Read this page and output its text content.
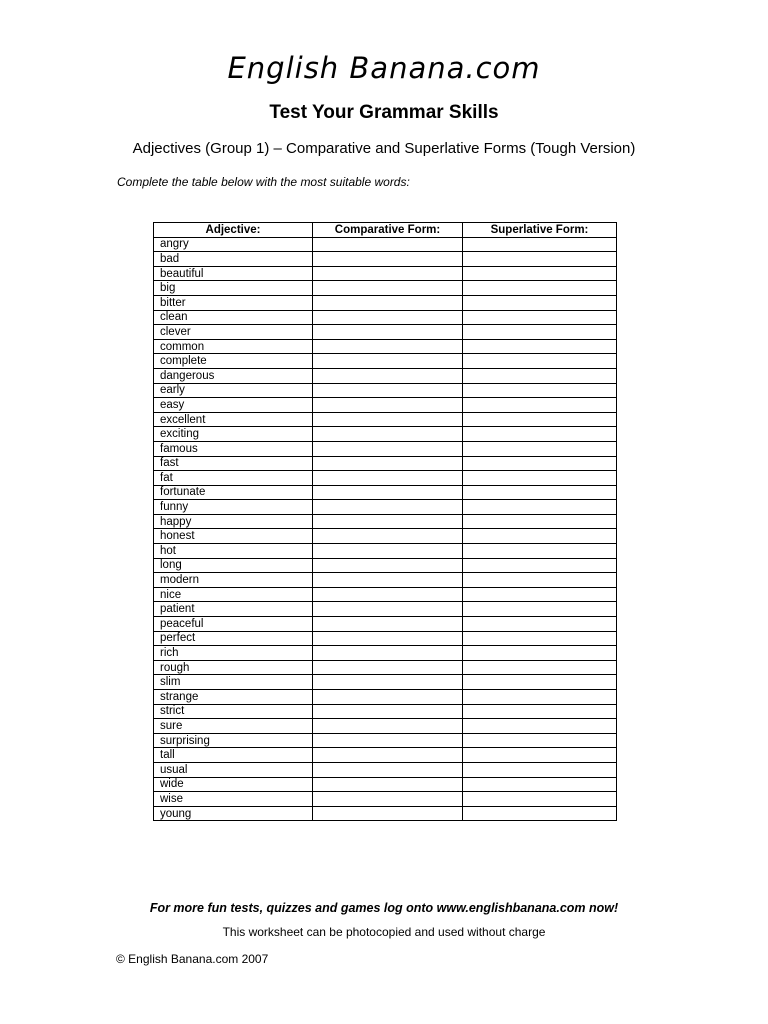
English Banana.com
Test Your Grammar Skills
Adjectives (Group 1) – Comparative and Superlative Forms (Tough Version)
Complete the table below with the most suitable words:
Adjective:	Comparative Form:	Superlative Form:
angry		
bad		
beautiful		
big		
bitter		
clean		
clever		
common		
complete		
dangerous		
early		
easy		
excellent		
exciting		
famous		
fast		
fat		
fortunate		
funny		
happy		
honest		
hot		
long		
modern		
nice		
patient		
peaceful		
perfect		
rich		
rough		
slim		
strange		
strict		
sure		
surprising		
tall		
usual		
wide		
wise		
young		
For more fun tests, quizzes and games log onto www.englishbanana.com now!
This worksheet can be photocopied and used without charge
© English Banana.com 2007
